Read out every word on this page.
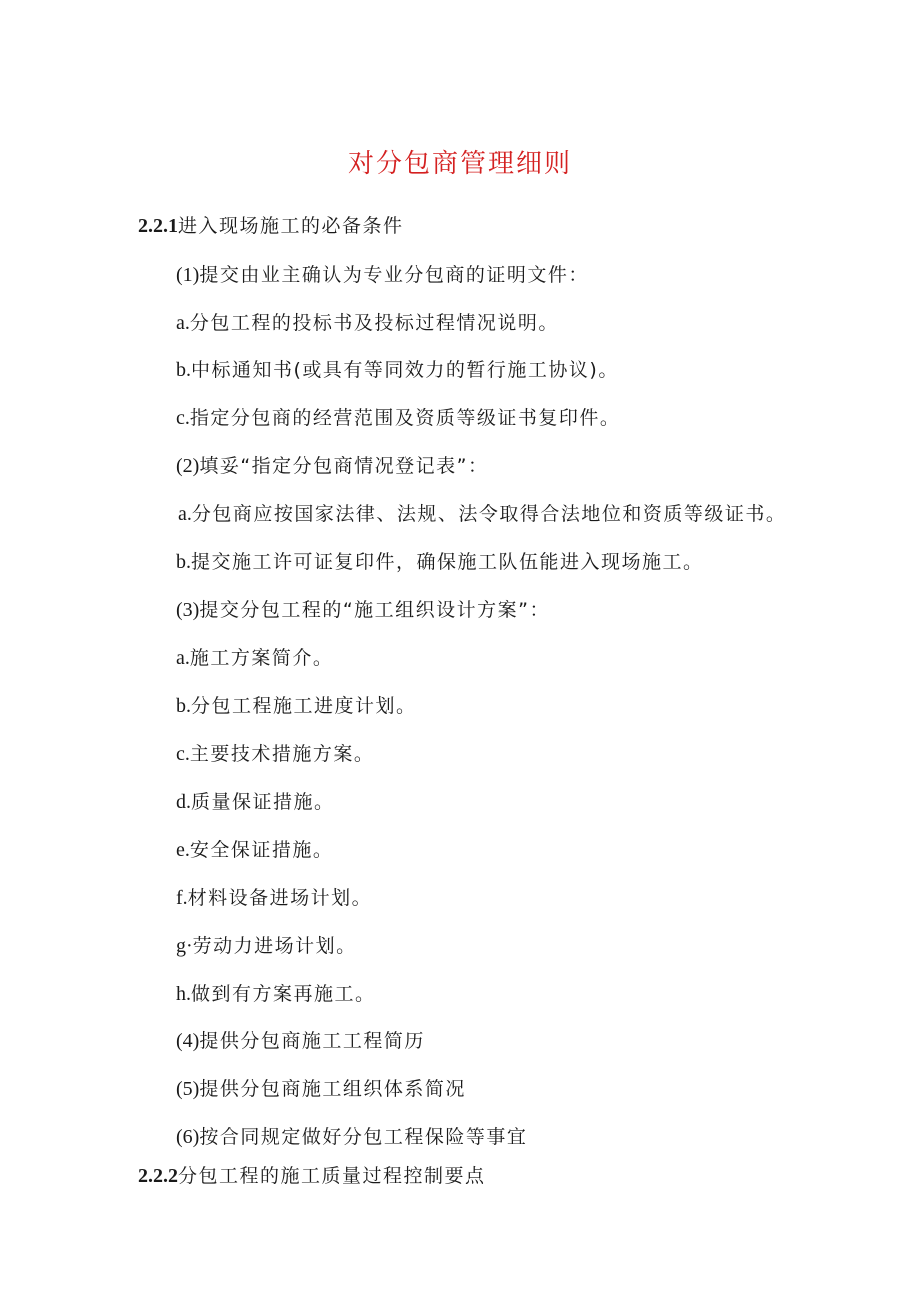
对分包商管理细则
2.2.1进入现场施工的必备条件
(1)提交由业主确认为专业分包商的证明文件：
a.分包工程的投标书及投标过程情况说明。
b.中标通知书(或具有等同效力的暂行施工协议)。
c.指定分包商的经营范围及资质等级证书复印件。
(2)填妥“指定分包商情况登记表”：
a.分包商应按国家法律、法规、法令取得合法地位和资质等级证书。
b.提交施工许可证复印件，确保施工队伍能进入现场施工。
(3)提交分包工程的“施工组织设计方案”：
a.施工方案简介。
b.分包工程施工进度计划。
c.主要技术措施方案。
d.质量保证措施。
e.安全保证措施。
f.材料设备进场计划。
g·劳动力进场计划。
h.做到有方案再施工。
(4)提供分包商施工工程简历
(5)提供分包商施工组织体系简况
(6)按合同规定做好分包工程保险等事宜
2.2.2分包工程的施工质量过程控制要点
